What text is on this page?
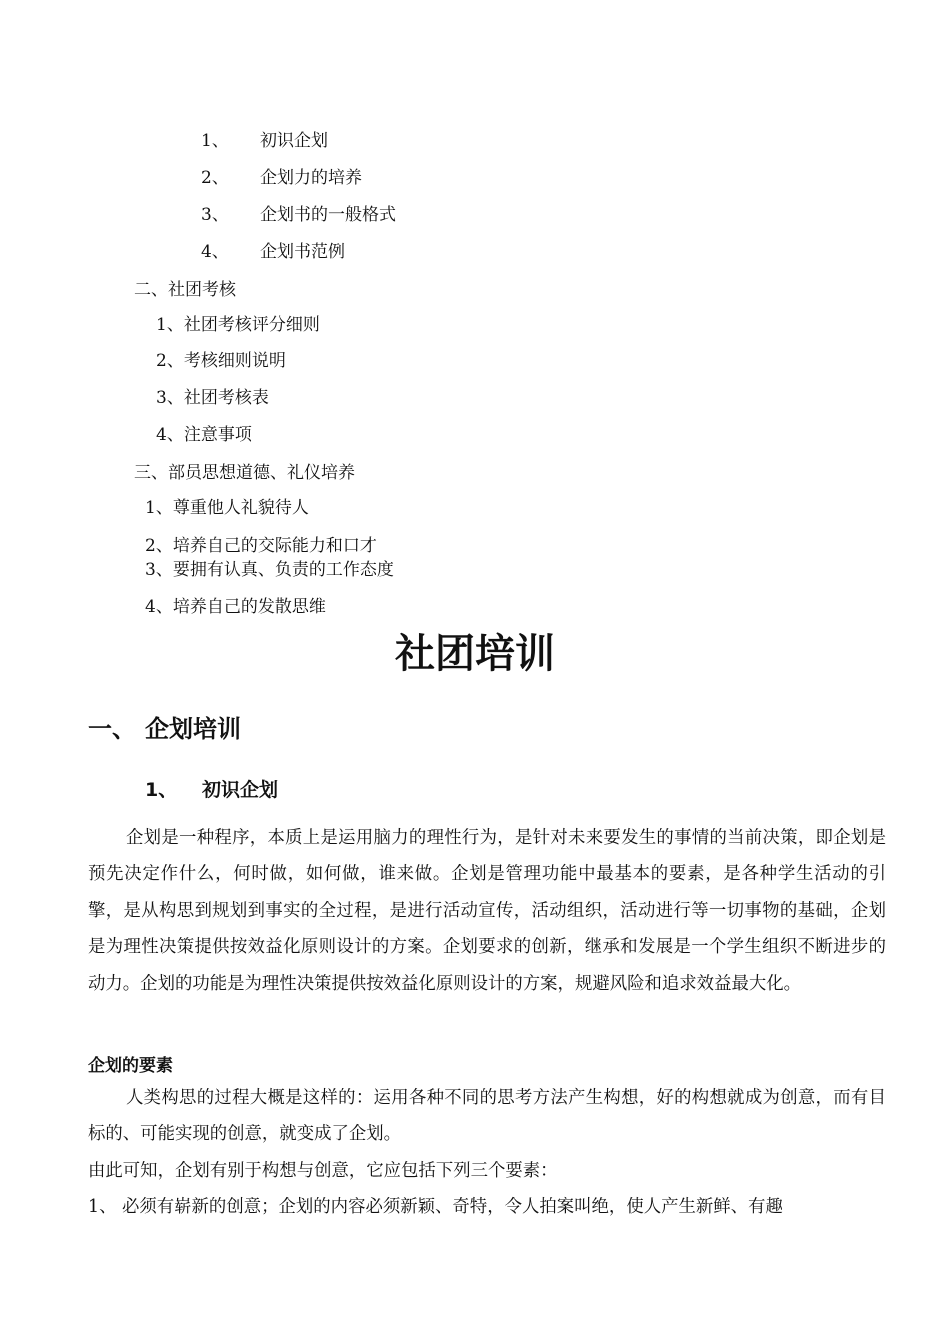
1、 初识企划
2、 企划力的培养
3、 企划书的一般格式
4、 企划书范例
二、社团考核
1、社团考核评分细则
2、考核细则说明
3、社团考核表
4、注意事项
三、部员思想道德、礼仪培养
1、尊重他人礼貌待人
2、培养自己的交际能力和口才
3、要拥有认真、负责的工作态度
4、培养自己的发散思维
社团培训
一、 企划培训
1、 初识企划
企划是一种程序，本质上是运用脑力的理性行为，是针对未来要发生的事情的当前决策，即企划是预先决定作什么，何时做，如何做，谁来做。企划是管理功能中最基本的要素，是各种学生活动的引擎，是从构思到规划到事实的全过程，是进行活动宣传，活动组织，活动进行等一切事物的基础，企划是为理性决策提供按效益化原则设计的方案。企划要求的创新，继承和发展是一个学生组织不断进步的动力。企划的功能是为理性决策提供按效益化原则设计的方案，规避风险和追求效益最大化。
企划的要素
人类构思的过程大概是这样的：运用各种不同的思考方法产生构想，好的构想就成为创意，而有目标的、可能实现的创意，就变成了企划。
由此可知，企划有别于构想与创意，它应包括下列三个要素：
1、 必须有崭新的创意；企划的内容必须新颖、奇特，令人拍案叫绝，使人产生新鲜、有趣
